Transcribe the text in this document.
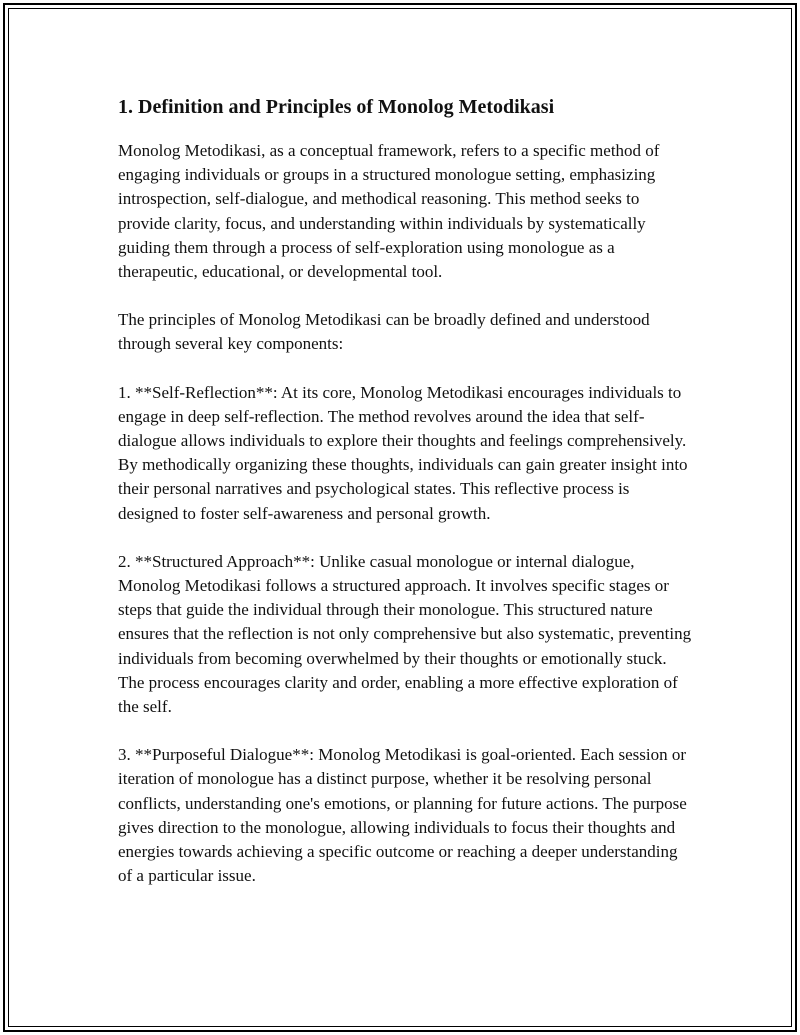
1. Definition and Principles of Monolog Metodikasi

Monolog Metodikasi, as a conceptual framework, refers to a specific method of engaging individuals or groups in a structured monologue setting, emphasizing introspection, self-dialogue, and methodical reasoning. This method seeks to provide clarity, focus, and understanding within individuals by systematically guiding them through a process of self-exploration using monologue as a therapeutic, educational, or developmental tool.

The principles of Monolog Metodikasi can be broadly defined and understood through several key components:

1. **Self-Reflection**: At its core, Monolog Metodikasi encourages individuals to engage in deep self-reflection. The method revolves around the idea that self-dialogue allows individuals to explore their thoughts and feelings comprehensively. By methodically organizing these thoughts, individuals can gain greater insight into their personal narratives and psychological states. This reflective process is designed to foster self-awareness and personal growth.

2. **Structured Approach**: Unlike casual monologue or internal dialogue, Monolog Metodikasi follows a structured approach. It involves specific stages or steps that guide the individual through their monologue. This structured nature ensures that the reflection is not only comprehensive but also systematic, preventing individuals from becoming overwhelmed by their thoughts or emotionally stuck. The process encourages clarity and order, enabling a more effective exploration of the self.

3. **Purposeful Dialogue**: Monolog Metodikasi is goal-oriented. Each session or iteration of monologue has a distinct purpose, whether it be resolving personal conflicts, understanding one's emotions, or planning for future actions. The purpose gives direction to the monologue, allowing individuals to focus their thoughts and energies towards achieving a specific outcome or reaching a deeper understanding of a particular issue.
